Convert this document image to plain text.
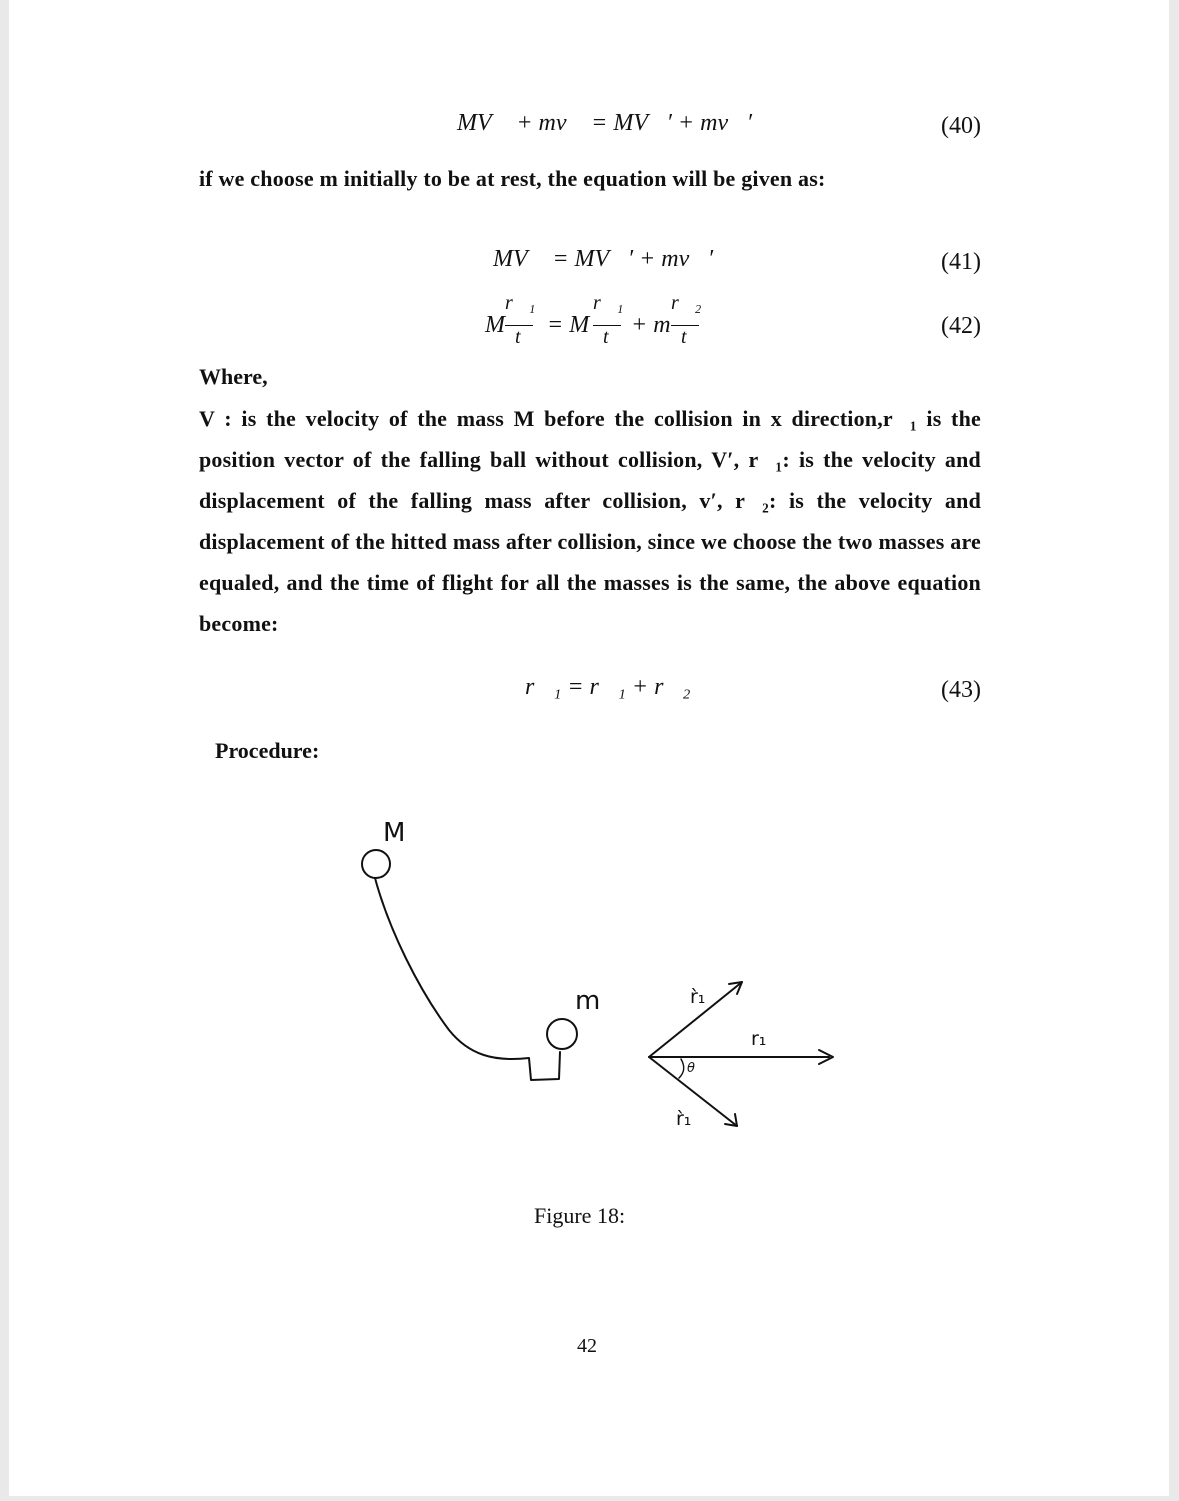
MV⃗ + mv⃗ = MV⃗′ + mv⃗′	(40)
if we choose m initially to be at rest, the equation will be given as:
MV⃗ = MV⃗′ + mv⃗′	(41)
M
r⃗₁
t = M
r⃗₁
t + m
r⃗₂
t	(42)
Where,
V : is the velocity of the mass M before the collision in x direction,r⃗₁ is the position vector of the falling ball without collision, V′, r⃗₁: is the velocity and displacement of the falling mass after collision, v′, r⃗₂: is the velocity and displacement of the hitted mass after collision, since we choose the two masses are equaled, and the time of flight for all the masses is the same, the above equation become:
r⃗₁ = r⃗₁ + r⃗₂	(43)
Procedure:
M
m
r₁
r̀₁
r̀₁
θ
Figure 18:
42
